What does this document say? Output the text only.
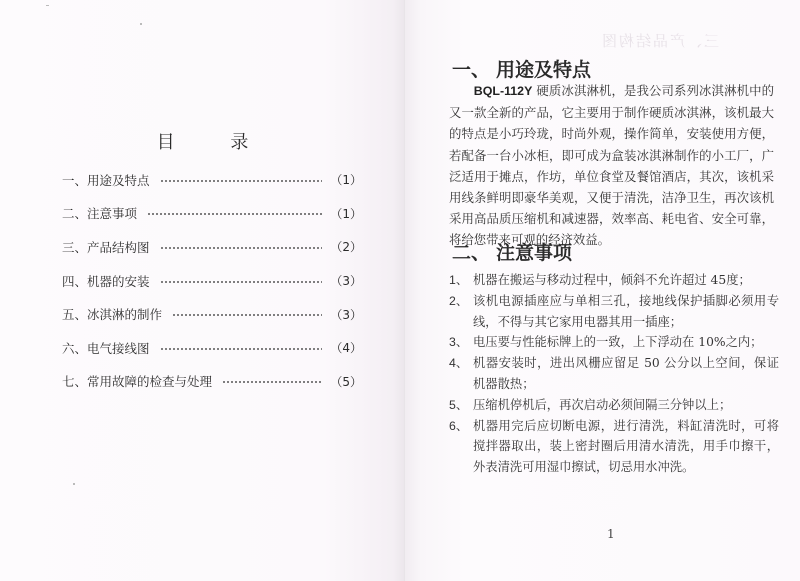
目	录
一、用途及特点	（1）
二、注意事项	（1）
三、产品结构图	（2）
四、机器的安装	（3）
五、冰淇淋的制作	（3）
六、电气接线图	（4）
七、常用故障的检查与处理	（5）
三、产品结构图
一、 用途及特点

BQL-112Y 硬质冰淇淋机，是我公司系列冰淇淋机中的又一款全新的产品，它主要用于制作硬质冰淇淋，该机最大的特点是小巧玲珑，时尚外观，操作简单，安装使用方便，若配备一台小冰柜，即可成为盒装冰淇淋制作的小工厂，广泛适用于摊点，作坊，单位食堂及餐馆酒店，其次，该机采用线条鲜明即豪华美观，又便于清洗，洁净卫生，再次该机采用高品质压缩机和减速器，效率高、耗电省、安全可靠，将给您带来可观的经济效益。

二、 注意事项
1、 机器在搬运与移动过程中，倾斜不允许超过 45度；
2、 该机电源插座应与单相三孔，接地线保护插脚必须用专线，不得与其它家用电器其用一插座；
3、 电压要与性能标牌上的一致，上下浮动在 10%之内；
4、 机器安装时，进出风栅应留足 50 公分以上空间，保证机器散热；
5、 压缩机停机后，再次启动必须间隔三分钟以上；
6、 机器用完后应切断电源，进行清洗，料缸清洗时，可将搅拌器取出，装上密封圈后用清水清洗，用手巾擦干，外表清洗可用湿巾擦试，切忌用水冲洗。
1
